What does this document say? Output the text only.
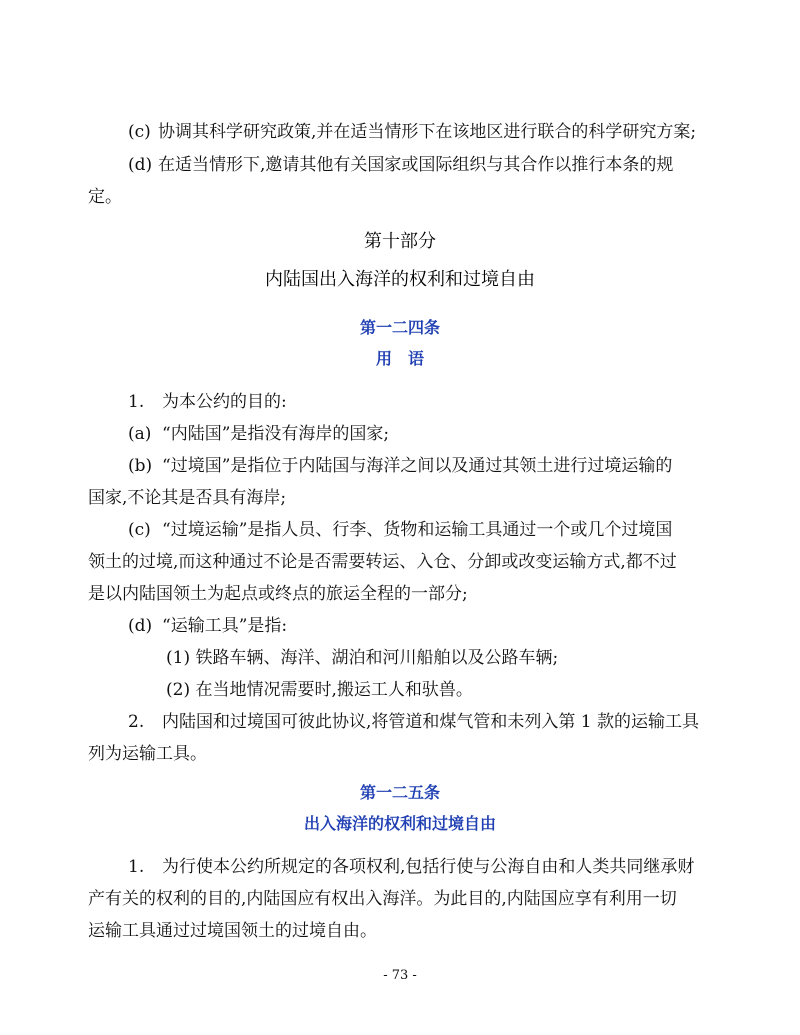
(c) 协调其科学研究政策,并在适当情形下在该地区进行联合的科学研究方案;
(d) 在适当情形下,邀请其他有关国家或国际组织与其合作以推行本条的规
定。
第十部分
内陆国出入海洋的权利和过境自由
第一二四条
用　语
1. 为本公约的目的:
(a) “内陆国”是指没有海岸的国家;
(b) “过境国”是指位于内陆国与海洋之间以及通过其领土进行过境运输的
国家,不论其是否具有海岸;
(c) “过境运输”是指人员、行李、货物和运输工具通过一个或几个过境国
领土的过境,而这种通过不论是否需要转运、入仓、分卸或改变运输方式,都不过
是以内陆国领土为起点或终点的旅运全程的一部分;
(d) “运输工具”是指:
(1) 铁路车辆、海洋、湖泊和河川船舶以及公路车辆;
(2) 在当地情况需要时,搬运工人和驮兽。
2. 内陆国和过境国可彼此协议,将管道和煤气管和未列入第 1 款的运输工具
列为运输工具。
第一二五条
出入海洋的权利和过境自由
1. 为行使本公约所规定的各项权利,包括行使与公海自由和人类共同继承财
产有关的权利的目的,内陆国应有权出入海洋。为此目的,内陆国应享有利用一切
运输工具通过过境国领土的过境自由。
- 73 -
